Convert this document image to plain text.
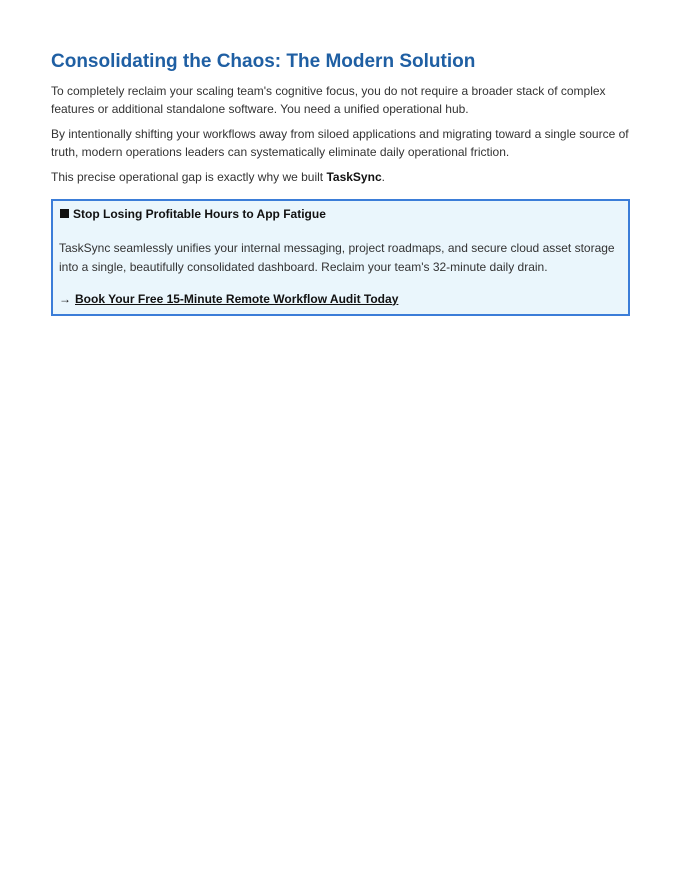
Consolidating the Chaos: The Modern Solution

To completely reclaim your scaling team's cognitive focus, you do not require a broader stack of complex features or additional standalone software. You need a unified operational hub.

By intentionally shifting your workflows away from siloed applications and migrating toward a single source of truth, modern operations leaders can systematically eliminate daily operational friction.

This precise operational gap is exactly why we built TaskSync.

Stop Losing Profitable Hours to App Fatigue

TaskSync seamlessly unifies your internal messaging, project roadmaps, and secure cloud asset storage into a single, beautifully consolidated dashboard. Reclaim your team's 32-minute daily drain.

→ Book Your Free 15-Minute Remote Workflow Audit Today
